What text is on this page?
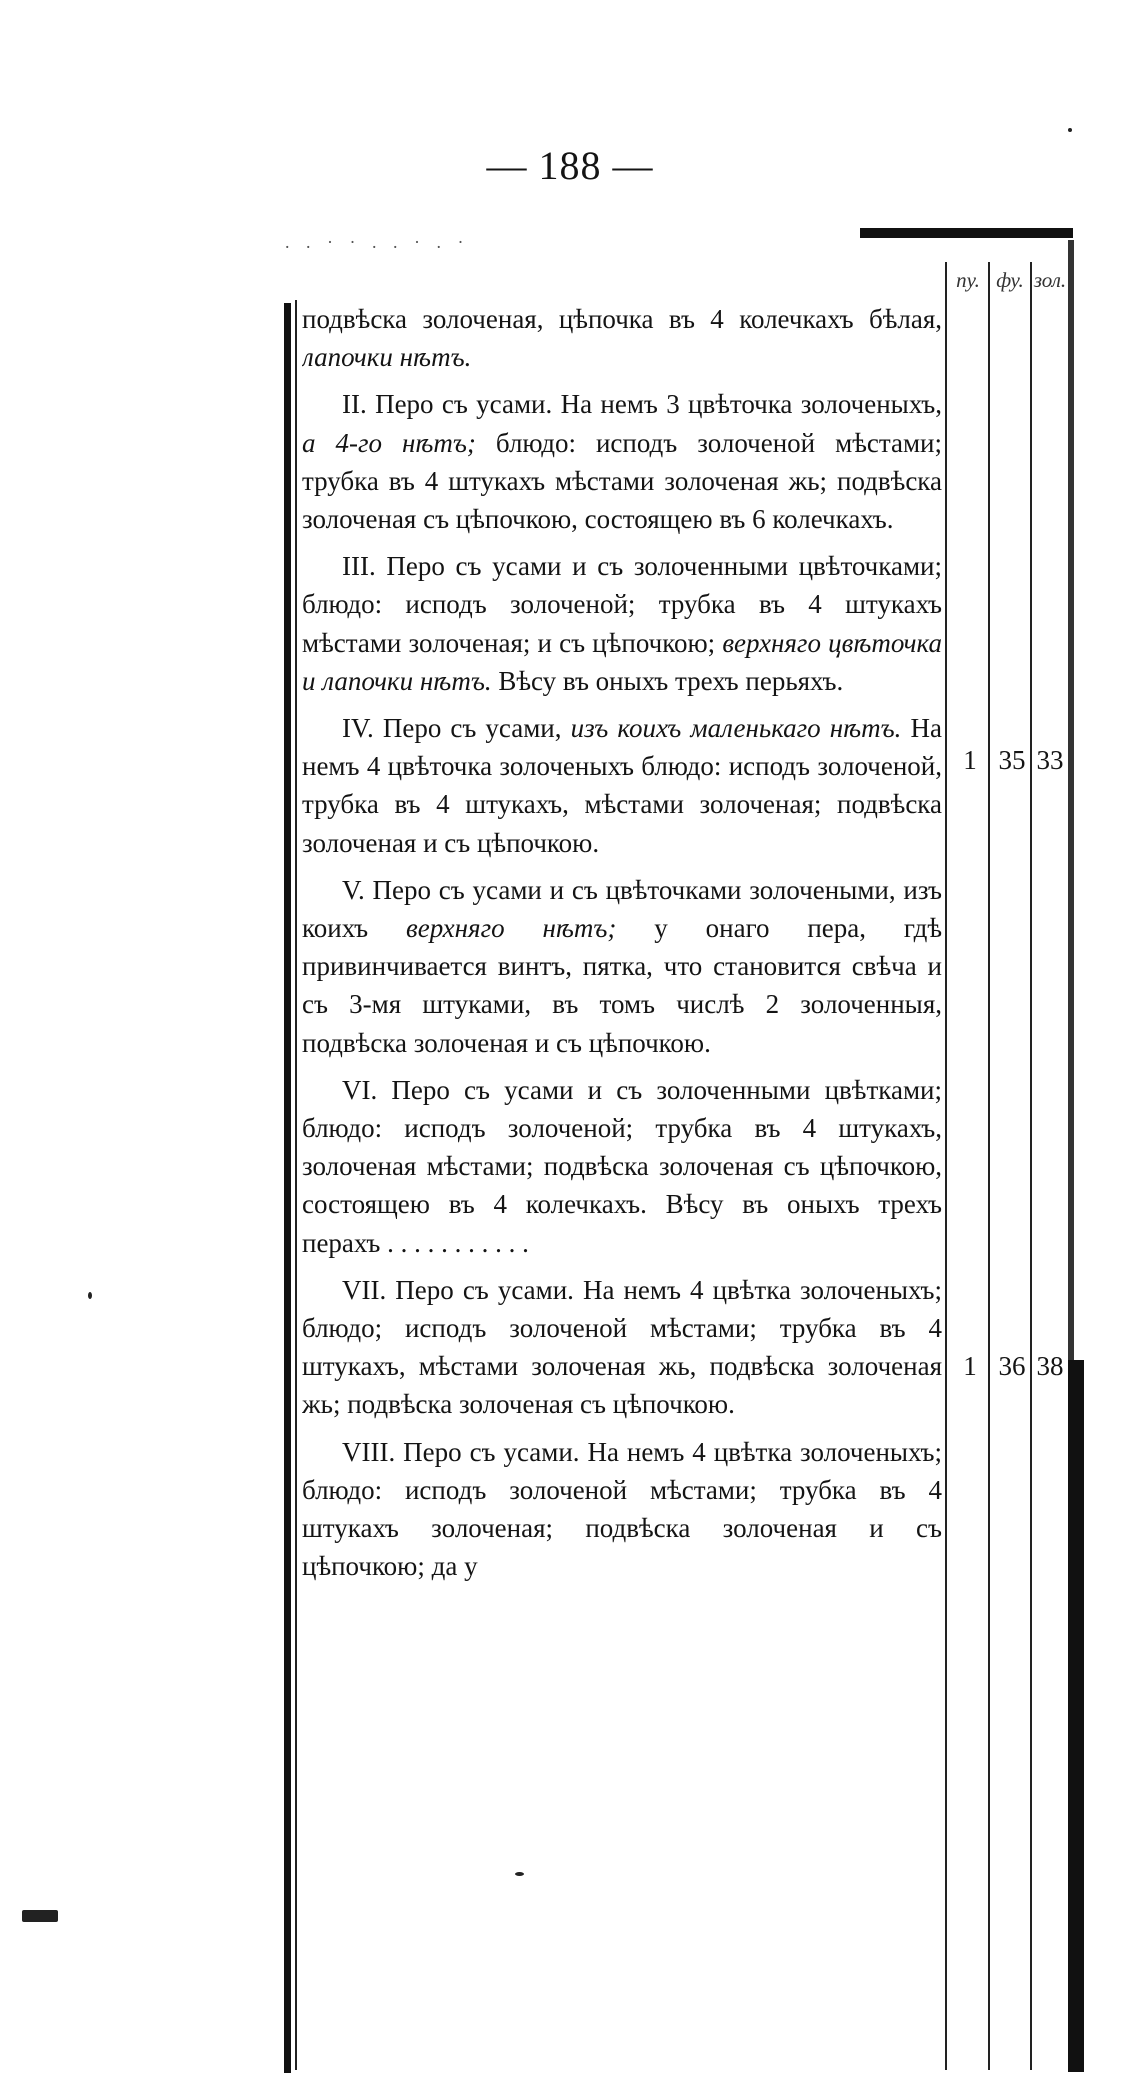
— 188 —
. . · · . . · . ·
пу. фу. зол.

подвѣска золоченая, цѣпочка въ 4 колечкахъ бѣлая, лапочки нѣтъ.

II. Перо съ усами. На немъ 3 цвѣточка золоченыхъ, а 4-го нѣтъ; блюдо: исподъ золоченой мѣстами; трубка въ 4 штукахъ мѣстами золоченая жь; подвѣска золоченая съ цѣпочкою, состоящею въ 6 колечкахъ.

III. Перо съ усами и съ золоченными цвѣточками; блюдо: исподъ золоченой; трубка въ 4 штукахъ мѣстами золоченая; и съ цѣпочкою; верхняго цвѣточка и лапочки нѣтъ. Вѣсу въ оныхъ трехъ перьяхъ.

IV. Перо съ усами, изъ коихъ маленькаго нѣтъ. На немъ 4 цвѣточка золоченыхъ блюдо: исподъ золоченой, трубка въ 4 штукахъ, мѣстами золоченая; подвѣска золоченая и съ цѣпочкою.

V. Перо съ усами и съ цвѣточками золочеными, изъ коихъ верхняго нѣтъ; у онаго пера, гдѣ привинчивается винтъ, пятка, что становится свѣча и съ 3-мя штуками, въ томъ числѣ 2 золоченныя, подвѣска золоченая и съ цѣпочкою.

VI. Перо съ усами и съ золоченными цвѣтками; блюдо: исподъ золоченой; трубка въ 4 штукахъ, золоченая мѣстами; подвѣска золоченая съ цѣпочкою, состоящею въ 4 колечкахъ. Вѣсу въ оныхъ трехъ перахъ . . . . . . . . . . .

VII. Перо съ усами. На немъ 4 цвѣтка золоченыхъ; блюдо; исподъ золоченой мѣстами; трубка въ 4 штукахъ, мѣстами золоченая жь, подвѣска золоченая жь; подвѣска золоченая съ цѣпочкою.

VIII. Перо съ усами. На немъ 4 цвѣтка золоченыхъ; блюдо: исподъ золоченой мѣстами; трубка въ 4 штукахъ золоченая; подвѣска золоченая и съ цѣпочкою; да у

1 35 33
1 36 38
